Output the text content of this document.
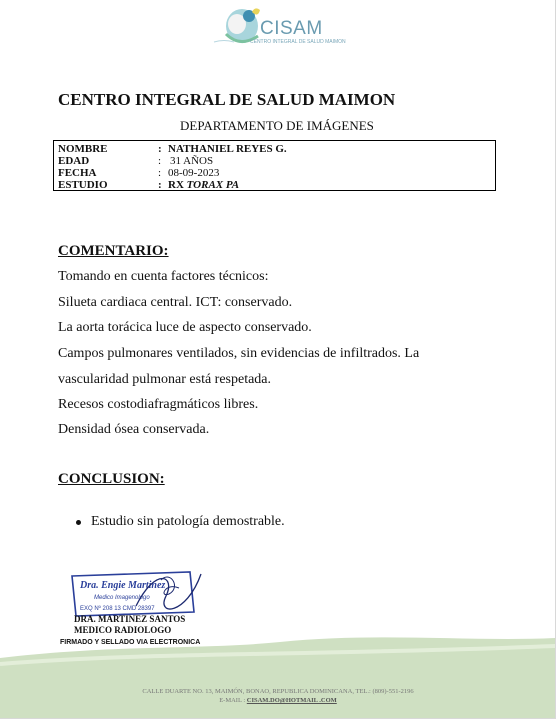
CISAM
CENTRO INTEGRAL DE SALUD MAIMON
CENTRO INTEGRAL DE SALUD MAIMON
DEPARTAMENTO DE IMÁGENES
NOMBRE	: NATHANIEL REYES G.
EDAD	: 31 AÑOS
FECHA	: 08-09-2023
ESTUDIO	: RX TORAX PA
COMENTARIO:
Tomando en cuenta factores técnicos:
Silueta cardiaca central. ICT: conservado.
La aorta torácica luce de aspecto conservado.
Campos pulmonares ventilados, sin evidencias de infiltrados. La
vascularidad pulmonar está respetada.
Recesos costodiafragmáticos libres.
Densidad ósea conservada.
CONCLUSION:
Estudio sin patología demostrable.
Dra. Engie Martinez
Medico Imagenologo
EXQ Nº 208 13 CMD 28397
DRA. MARTINEZ SANTOS
MEDICO RADIOLOGO
FIRMADO Y SELLADO VIA ELECTRONICA
CALLE DUARTE NO. 13, MAIMÓN, BONAO, REPUBLICA DOMINICANA, TEL.: (809)-551-2196
E-MAIL : CISAM.DO@HOTMAIL .COM
